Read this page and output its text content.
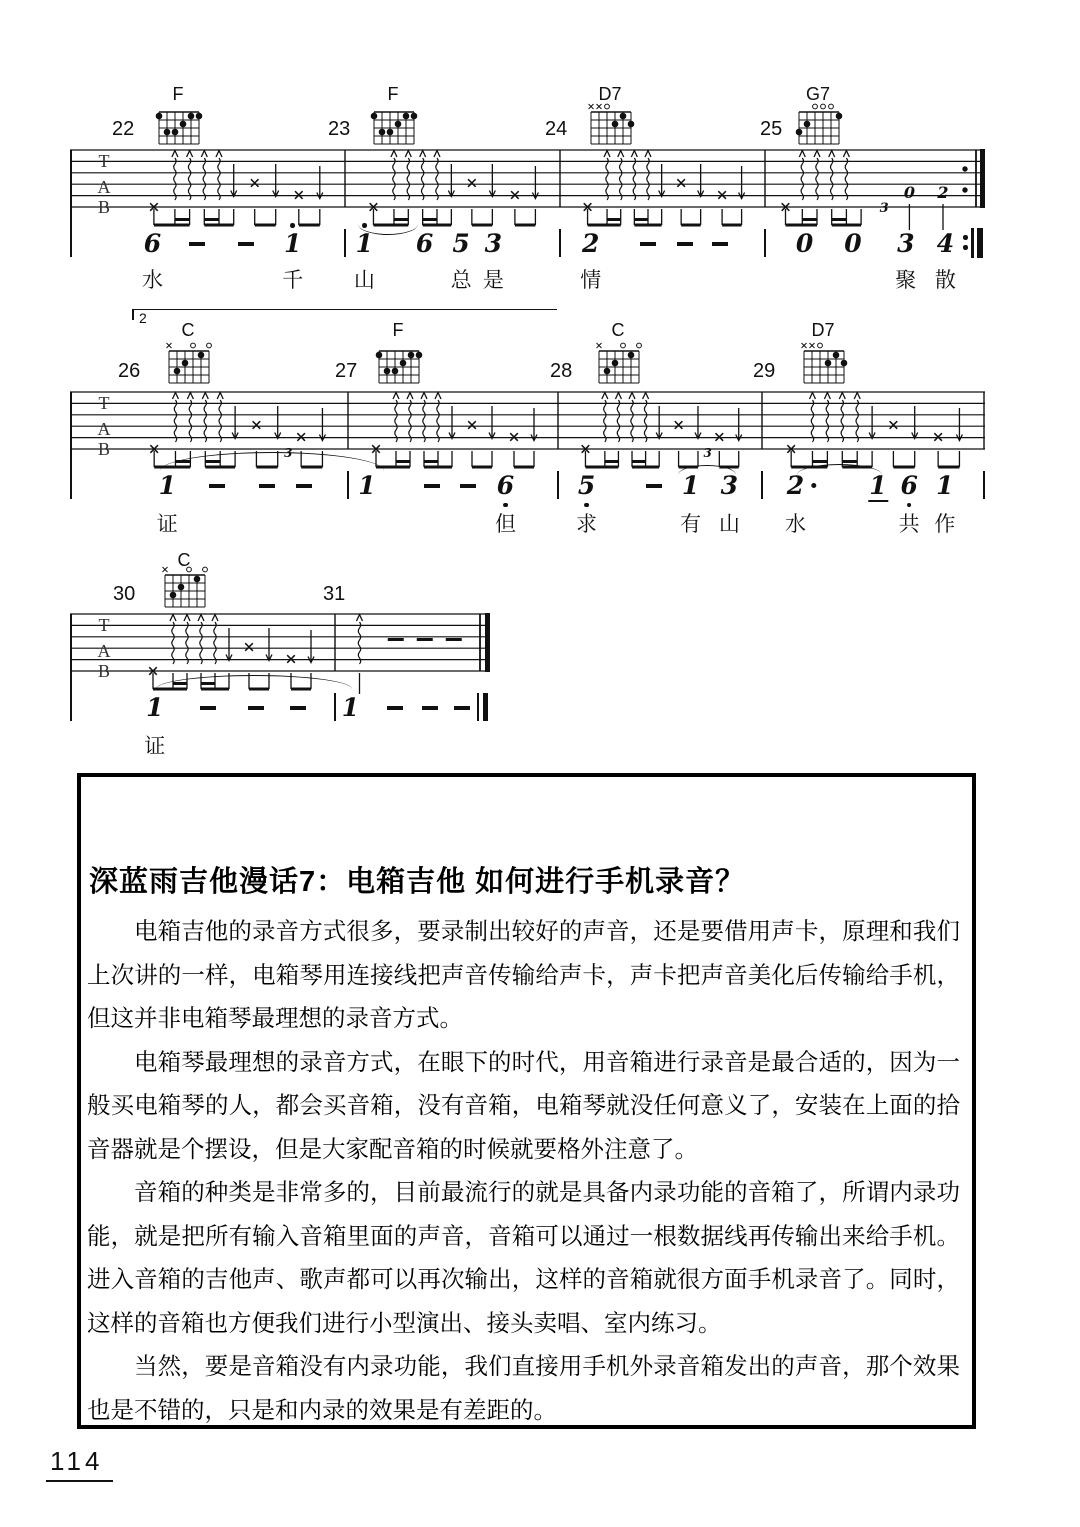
T
A
B	3
0 2
F
22
6	1
F
23
1 6 5 3
D7
24
2
G7
25
0 0 3 4
水	千 山	总 是	情	聚 散
T
A
B	3	3
C
26
1
F
27
1	6
C
28
5	1 3
D7
29
2	1 6 1
证	但	求	有 山 水	共 作
2
T
A
B
C
30
1
31
1
证
深蓝雨吉他漫话7：电箱吉他 如何进行手机录音？

电箱吉他的录音方式很多，要录制出较好的声音，还是要借用声卡，原理和我们上次讲的一样，电箱琴用连接线把声音传输给声卡，声卡把声音美化后传输给手机，但这并非电箱琴最理想的录音方式。

电箱琴最理想的录音方式，在眼下的时代，用音箱进行录音是最合适的，因为一般买电箱琴的人，都会买音箱，没有音箱，电箱琴就没任何意义了，安装在上面的拾音器就是个摆设，但是大家配音箱的时候就要格外注意了。

音箱的种类是非常多的，目前最流行的就是具备内录功能的音箱了，所谓内录功能，就是把所有输入音箱里面的声音，音箱可以通过一根数据线再传输出来给手机。进入音箱的吉他声、歌声都可以再次输出，这样的音箱就很方面手机录音了。同时，这样的音箱也方便我们进行小型演出、接头卖唱、室内练习。

当然，要是音箱没有内录功能，我们直接用手机外录音箱发出的声音，那个效果也是不错的，只是和内录的效果是有差距的。

114
